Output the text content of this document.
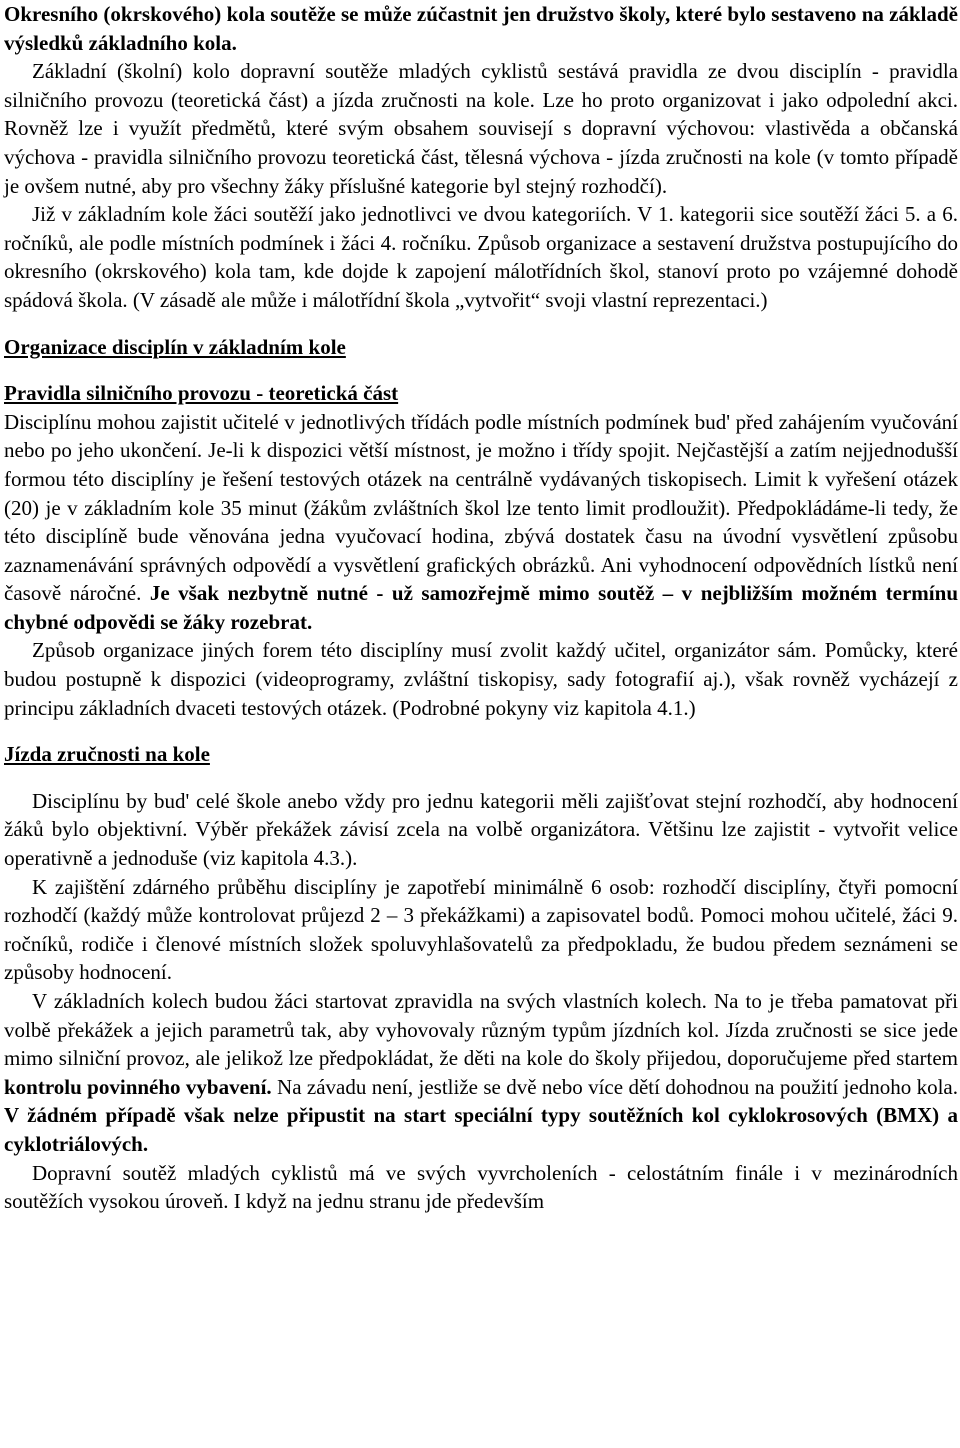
Okresního (okrskového) kola soutěže se může zúčastnit jen družstvo školy, které bylo sestaveno na základě výsledků základního kola.

Základní (školní) kolo dopravní soutěže mladých cyklistů sestává pravidla ze dvou disciplín - pravidla silničního provozu (teoretická část) a jízda zručnosti na kole. Lze ho proto organizovat i jako odpolední akci. Rovněž lze i využít předmětů, které svým obsahem souvisejí s dopravní výchovou: vlastivěda a občanská výchova - pravidla silničního provozu teoretická část, tělesná výchova - jízda zručnosti na kole (v tomto případě je ovšem nutné, aby pro všechny žáky příslušné kategorie byl stejný rozhodčí).

Již v základním kole žáci soutěží jako jednotlivci ve dvou kategoriích. V 1. kategorii sice soutěží žáci 5. a 6. ročníků, ale podle místních podmínek i žáci 4. ročníku. Způsob organizace a sestavení družstva postupujícího do okresního (okrskového) kola tam, kde dojde k zapojení málotřídních škol, stanoví proto po vzájemné dohodě spádová škola. (V zásadě ale může i málotřídní škola „vytvořit“ svoji vlastní reprezentaci.)

Organizace disciplín v základním kole

Pravidla silničního provozu - teoretická část

Disciplínu mohou zajistit učitelé v jednotlivých třídách podle místních podmínek bud' před zahájením vyučování nebo po jeho ukončení. Je-li k dispozici větší místnost, je možno i třídy spojit. Nejčastější a zatím nejjednodušší formou této disciplíny je řešení testových otázek na centrálně vydávaných tiskopisech. Limit k vyřešení otázek (20) je v základním kole 35 minut (žákům zvláštních škol lze tento limit prodloužit). Předpokládáme-li tedy, že této disciplíně bude věnována jedna vyučovací hodina, zbývá dostatek času na úvodní vysvětlení způsobu zaznamenávání správných odpovědí a vysvětlení grafických obrázků. Ani vyhodnocení odpovědních lístků není časově náročné. Je však nezbytně nutné - už samozřejmě mimo soutěž – v nejbližším možném termínu chybné odpovědi se žáky rozebrat.

Způsob organizace jiných forem této disciplíny musí zvolit každý učitel, organizátor sám. Pomůcky, které budou postupně k dispozici (videoprogramy, zvláštní tiskopisy, sady fotografií aj.), však rovněž vycházejí z principu základních dvaceti testových otázek. (Podrobné pokyny viz kapitola 4.1.)

Jízda zručnosti na kole

Disciplínu by bud' celé škole anebo vždy pro jednu kategorii měli zajišťovat stejní rozhodčí, aby hodnocení žáků bylo objektivní. Výběr překážek závisí zcela na volbě organizátora. Většinu lze zajistit - vytvořit velice operativně a jednoduše (viz kapitola 4.3.).

K zajištění zdárného průběhu disciplíny je zapotřebí minimálně 6 osob: rozhodčí disciplíny, čtyři pomocní rozhodčí (každý může kontrolovat průjezd 2 – 3 překážkami) a zapisovatel bodů. Pomoci mohou učitelé, žáci 9. ročníků, rodiče i členové místních složek spoluvyhlašovatelů za předpokladu, že budou předem seznámeni se způsoby hodnocení.

V základních kolech budou žáci startovat zpravidla na svých vlastních kolech. Na to je třeba pamatovat při volbě překážek a jejich parametrů tak, aby vyhovovaly různým typům jízdních kol. Jízda zručnosti se sice jede mimo silniční provoz, ale jelikož lze předpokládat, že děti na kole do školy přijedou, doporučujeme před startem kontrolu povinného vybavení. Na závadu není, jestliže se dvě nebo více dětí dohodnou na použití jednoho kola. V žádném případě však nelze připustit na start speciální typy soutěžních kol cyklokrosových (BMX) a cyklotriálových.

Dopravní soutěž mladých cyklistů má ve svých vyvrcholeních - celostátním finále i v mezinárodních soutěžích vysokou úroveň. I když na jednu stranu jde především
